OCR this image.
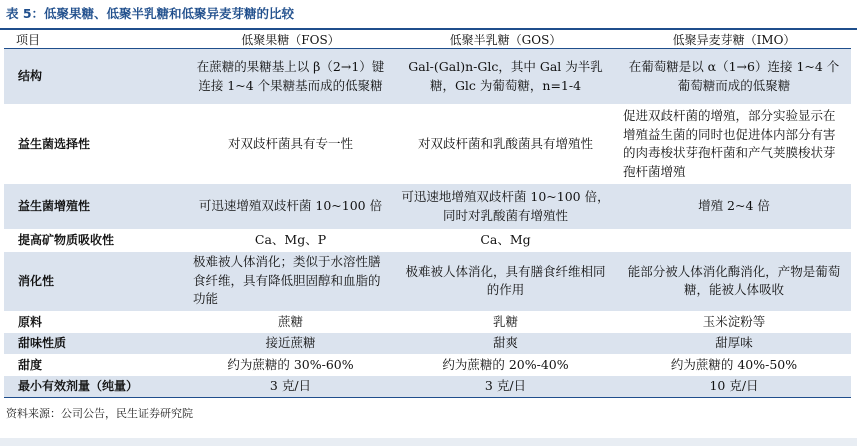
表 5：低聚果糖、低聚半乳糖和低聚异麦芽糖的比较
项目	低聚果糖（FOS）	低聚半乳糖（GOS）	低聚异麦芽糖（IMO）
结构	在蔗糖的果糖基上以 β（2→1）键连接 1~4 个果糖基而成的低聚糖	Gal-(Gal)n-Glc，其中 Gal 为半乳糖，Glc 为葡萄糖，n=1-4	在葡萄糖是以 α（1→6）连接 1~4 个葡萄糖而成的低聚糖
益生菌选择性	对双歧杆菌具有专一性	对双歧杆菌和乳酸菌具有增殖性	促进双歧杆菌的增殖，部分实验显示在增殖益生菌的同时也促进体内部分有害的肉毒梭状芽孢杆菌和产气荚膜梭状芽孢杆菌增殖
益生菌增殖性	可迅速增殖双歧杆菌 10~100 倍	可迅速地增殖双歧杆菌 10~100 倍，同时对乳酸菌有增殖性	增殖 2~4 倍
提高矿物质吸收性	Ca、Mg、P	Ca、Mg	
消化性	极难被人体消化；类似于水溶性膳食纤维，具有降低胆固醇和血脂的功能	极难被人体消化，具有膳食纤维相同的作用	能部分被人体消化酶消化，产物是葡萄糖，能被人体吸收
原料	蔗糖	乳糖	玉米淀粉等
甜味性质	接近蔗糖	甜爽	甜厚味
甜度	约为蔗糖的 30%-60%	约为蔗糖的 20%-40%	约为蔗糖的 40%-50%
最小有效剂量（纯量）	3 克/日	3 克/日	10 克/日
资料来源：公司公告，民生证券研究院
